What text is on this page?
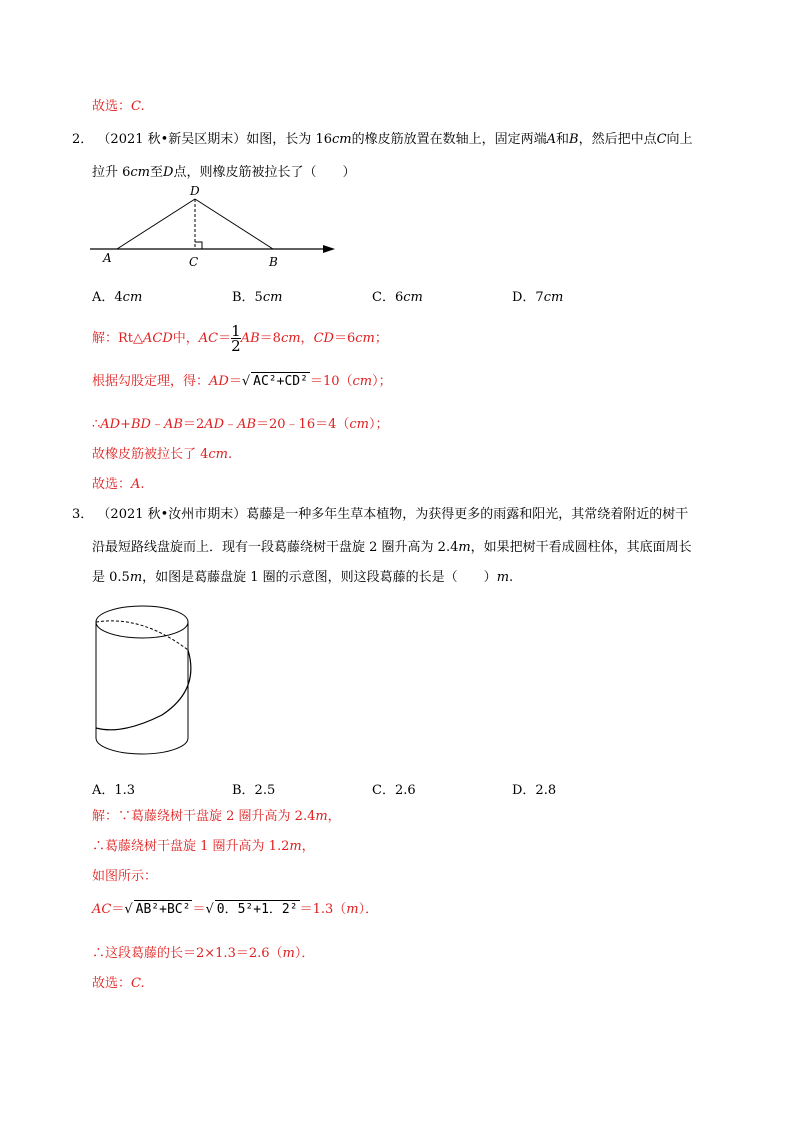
故选：C.
2． （2021 秋•新吴区期末）如图，长为 16cm的橡皮筋放置在数轴上，固定两端A和B，然后把中点C向上
拉升 6cm至D点，则橡皮筋被拉长了（　　）
D
A	C	B
A．4cm	B．5cm	C．6cm	D．7cm
解：Rt△ACD中，$AC= \frac{1}{2} AB=8cm$，CD＝6cm；
根据勾股定理，得：AD＝√ AC²+CD² ＝10（cm）；
∴AD+BD﹣AB＝2AD﹣AB＝20﹣16＝4（cm）；
故橡皮筋被拉长了 4cm.
故选：A.
3． （2021 秋•汝州市期末）葛藤是一种多年生草本植物，为获得更多的雨露和阳光，其常绕着附近的树干
沿最短路线盘旋而上．现有一段葛藤绕树干盘旋 2 圈升高为 2.4m，如果把树干看成圆柱体，其底面周长
是 0.5m，如图是葛藤盘旋 1 圈的示意图，则这段葛藤的长是（　　）m.
A．1.3	B．2.5	C．2.6	D．2.8
解：∵葛藤绕树干盘旋 2 圈升高为 2.4m，
∴葛藤绕树干盘旋 1 圈升高为 1.2m，
如图所示：
AC＝√ AB²+BC² ＝√ 0．5²+1．2² ＝1.3（m）．
∴这段葛藤的长＝2×1.3＝2.6（m）．
故选：C.
